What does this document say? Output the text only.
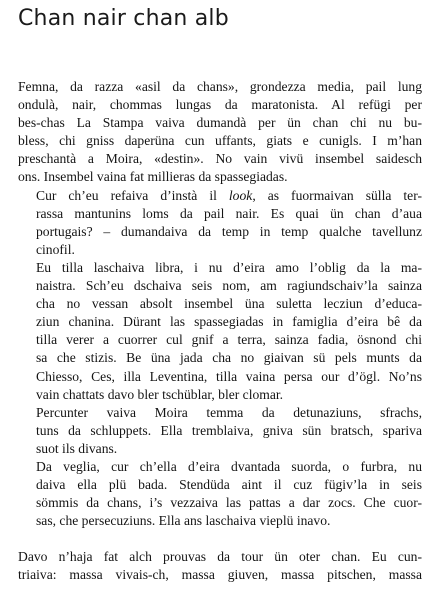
Chan nair chan alb

Femna, da razza «asil da chans», grondezza media, pail lung
ondulà, nair, chommas lungas da maratonista. Al refügi per
bes-chas La Stampa vaiva dumandà per ün chan chi nu bu-
bless, chi gniss daperüna cun uffants, giats e cunigls. I m’han
preschantà a Moira, «destin». No vain vivü insembel saidesch
ons. Insembel vaina fat millieras da spassegiadas.

Cur ch’eu refaiva d’instà il look, as fuormaivan sülla ter-
rassa mantunins loms da pail nair. Es quai ün chan d’aua
portugais? – dumandaiva da temp in temp qualche tavellunz
cinofil.

Eu tilla laschaiva libra, i nu d’eira amo l’oblig da la ma-
naistra. Sch’eu dschaiva seis nom, am ragiundschaiv’la sainza
cha no vessan absolt insembel üna suletta lecziun d’educa-
ziun chanina. Dürant las spassegiadas in famiglia d’eira bê da
tilla verer a cuorrer cul gnif a terra, sainza fadia, ösnond chi
sa che stizis. Be üna jada cha no giaivan sü pels munts da
Chiesso, Ces, illa Leventina, tilla vaina persa our d’ögl. No’ns
vain chattats davo bler tschüblar, bler clomar.

Percunter vaiva Moira temma da detunaziuns, sfrachs,
tuns da schluppets. Ella tremblaiva, gniva sün bratsch, spariva
suot ils divans.

Da veglia, cur ch’ella d’eira dvantada suorda, o furbra, nu
daiva ella plü bada. Stendüda aint il cuz fügiv’la in seis
sömmis da chans, i’s vezzaiva las pattas a dar zocs. Che cuor-
sas, che persecuziuns. Ella ans laschaiva vieplü inavo.

Davo n’haja fat alch prouvas da tour ün oter chan. Eu cun-
triaiva: massa vivais-ch, massa giuven, massa pitschen, massa
